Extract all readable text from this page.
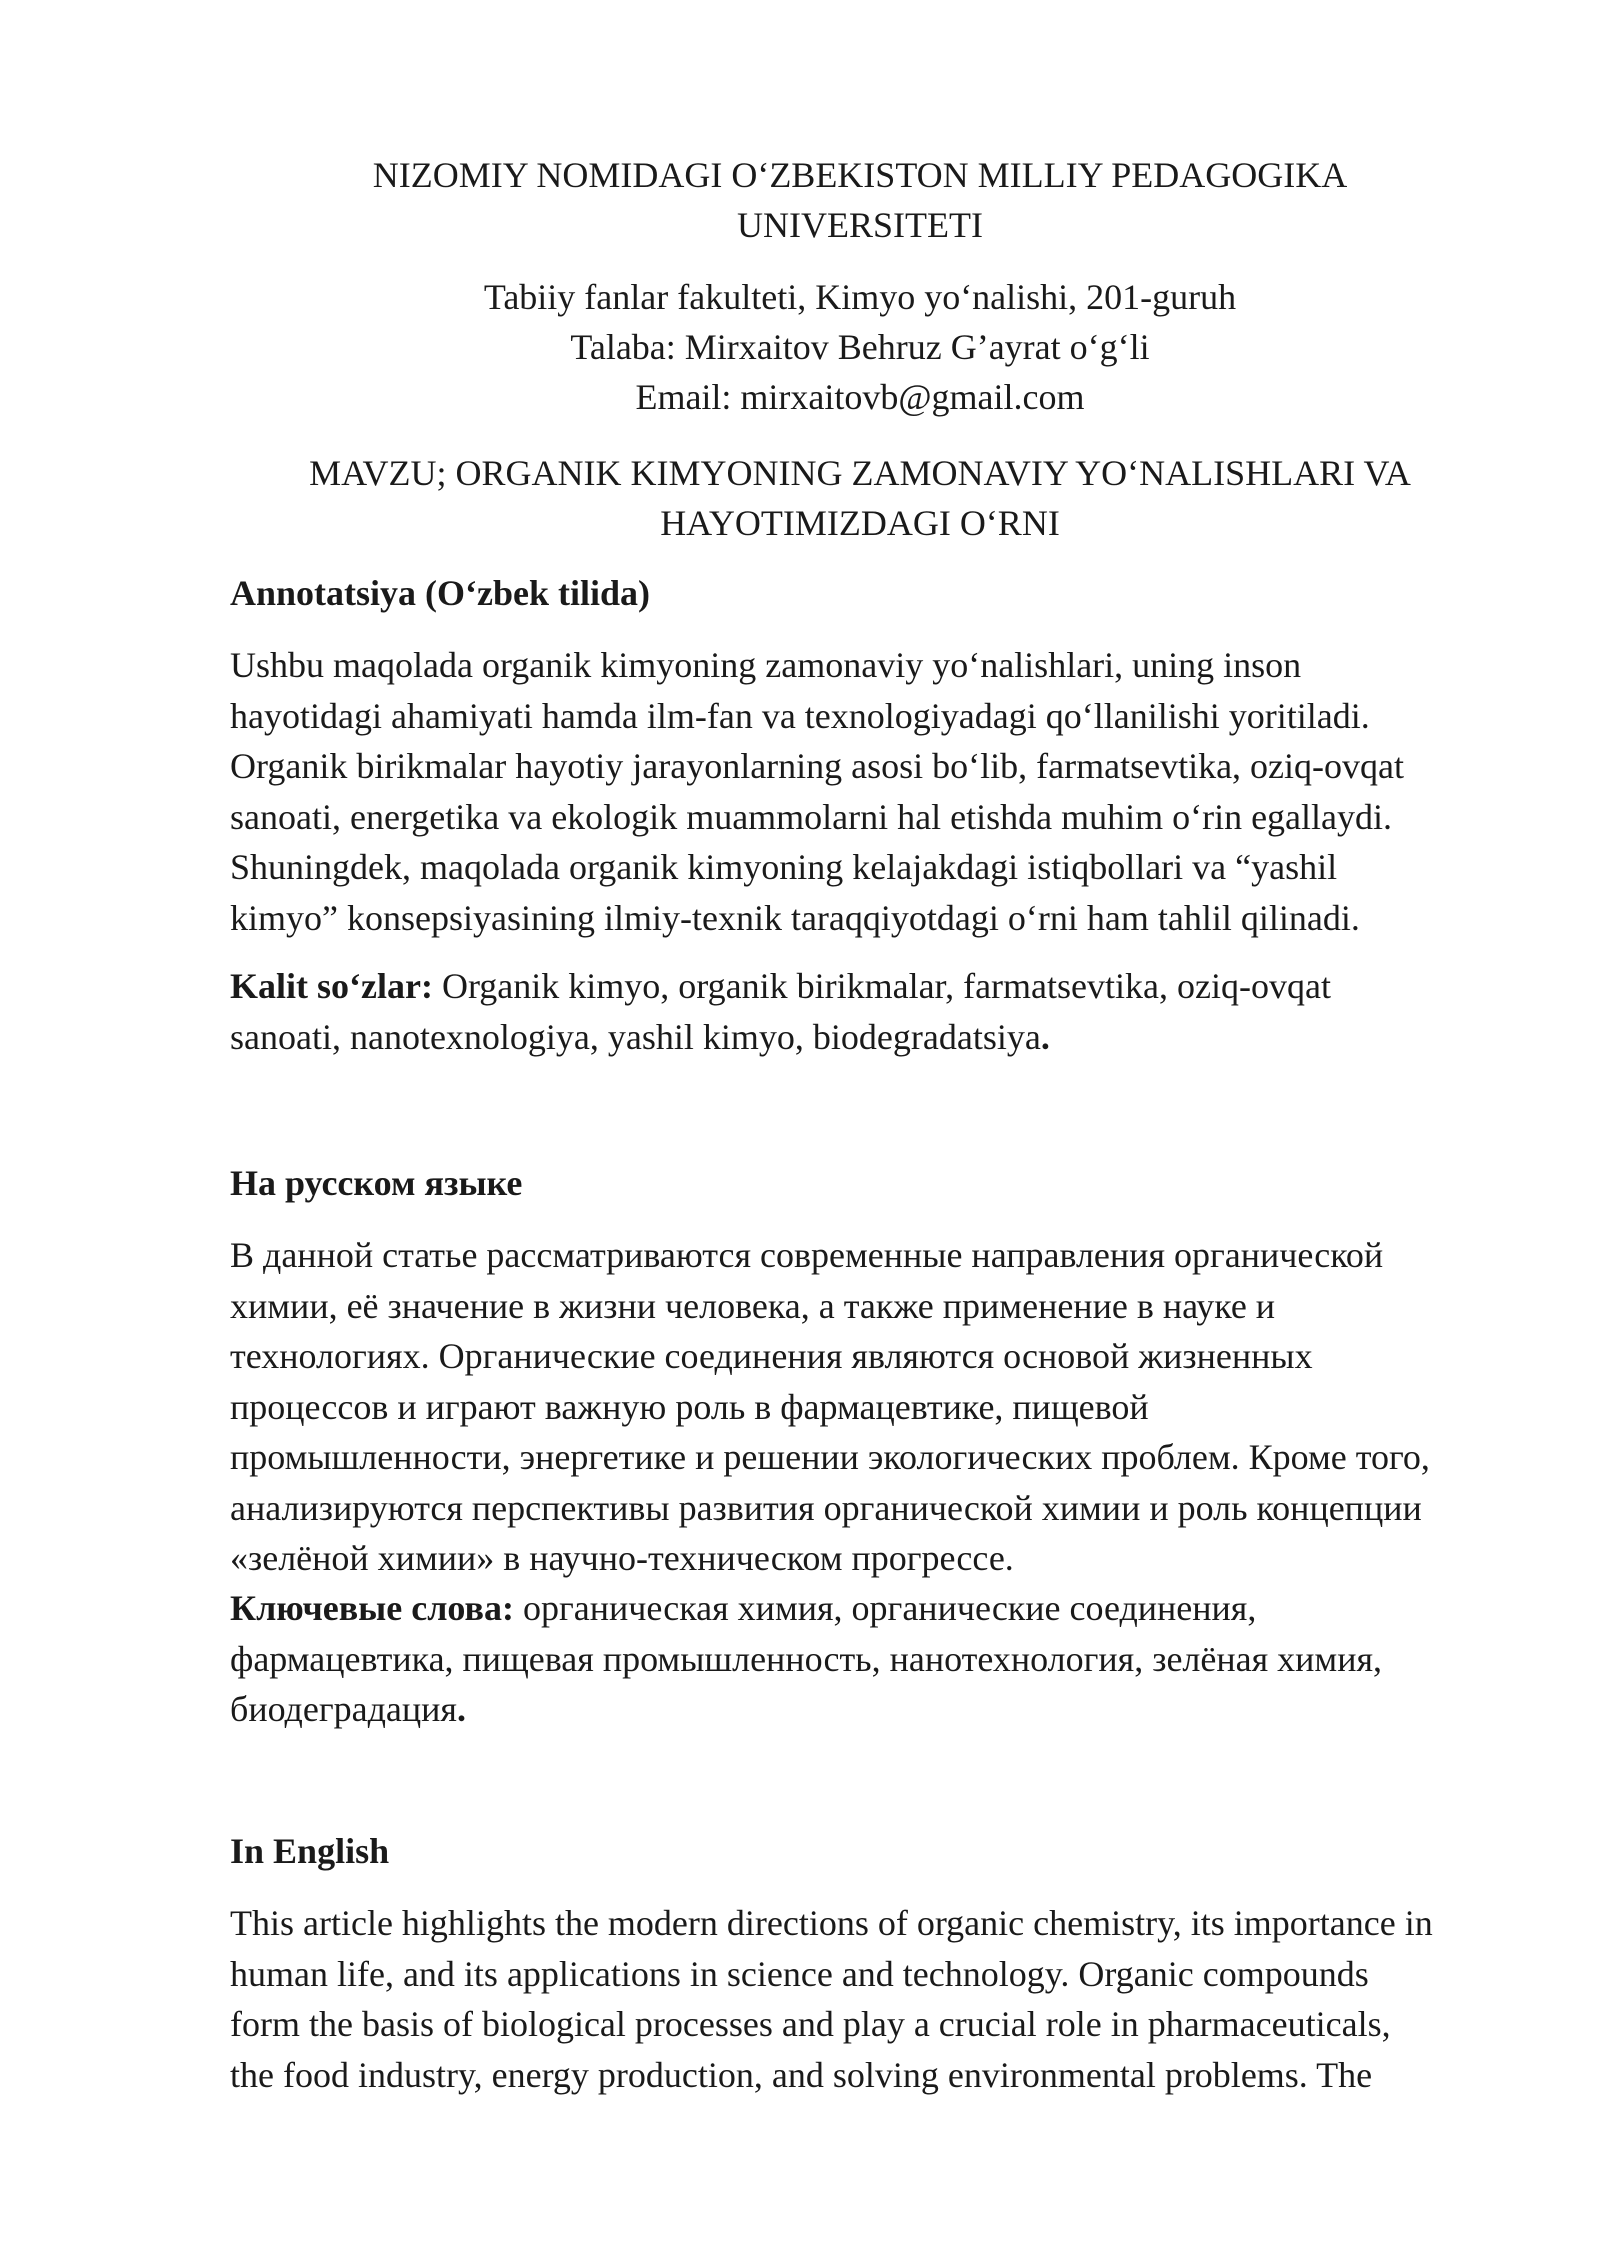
NIZOMIY NOMIDAGI O‘ZBEKISTON MILLIY PEDAGOGIKA
UNIVERSITETI
Tabiiy fanlar fakulteti, Kimyo yo‘nalishi, 201-guruh
Talaba: Mirxaitov Behruz G’ayrat o‘g‘li
Email: mirxaitovb@gmail.com
MAVZU; ORGANIK KIMYONING ZAMONAVIY YO‘NALISHLARI VA
HAYOTIMIZDAGI O‘RNI
Annotatsiya (O‘zbek tilida)
Ushbu maqolada organik kimyoning zamonaviy yo‘nalishlari, uning inson
hayotidagi ahamiyati hamda ilm-fan va texnologiyadagi qo‘llanilishi yoritiladi.
Organik birikmalar hayotiy jarayonlarning asosi bo‘lib, farmatsevtika, oziq-ovqat
sanoati, energetika va ekologik muammolarni hal etishda muhim o‘rin egallaydi.
Shuningdek, maqolada organik kimyoning kelajakdagi istiqbollari va “yashil
kimyo” konsepsiyasining ilmiy-texnik taraqqiyotdagi o‘rni ham tahlil qilinadi.
Kalit so‘zlar: Organik kimyo, organik birikmalar, farmatsevtika, oziq-ovqat
sanoati, nanotexnologiya, yashil kimyo, biodegradatsiya.
На русском языке
В данной статье рассматриваются современные направления органической
химии, её значение в жизни человека, а также применение в науке и
технологиях. Органические соединения являются основой жизненных
процессов и играют важную роль в фармацевтике, пищевой
промышленности, энергетике и решении экологических проблем. Кроме того,
анализируются перспективы развития органической химии и роль концепции
«зелёной химии» в научно-техническом прогрессе.
Ключевые слова: органическая химия, органические соединения,
фармацевтика, пищевая промышленность, нанотехнология, зелёная химия,
биодеградация.
In English
This article highlights the modern directions of organic chemistry, its importance in
human life, and its applications in science and technology. Organic compounds
form the basis of biological processes and play a crucial role in pharmaceuticals,
the food industry, energy production, and solving environmental problems. The
